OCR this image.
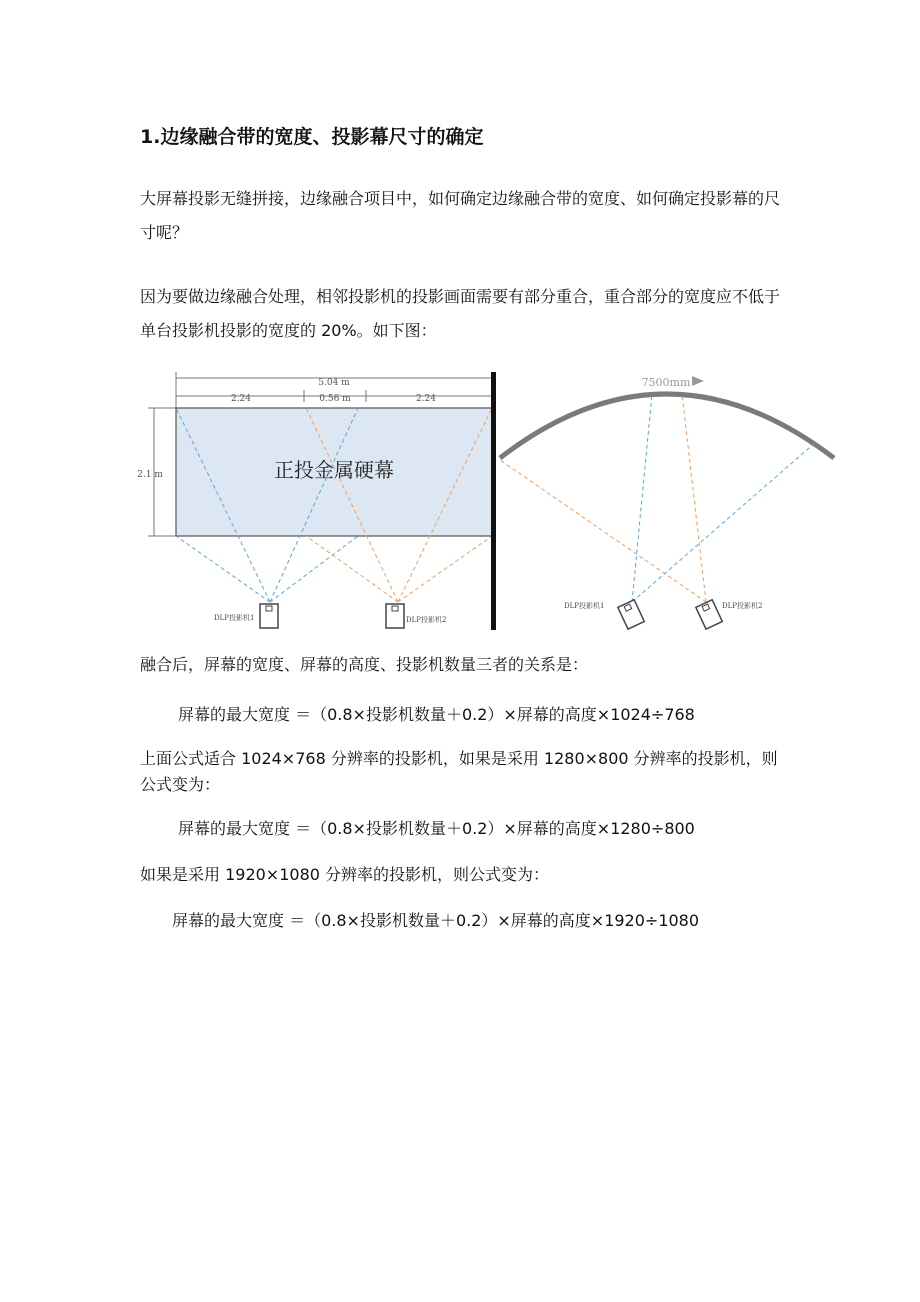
1.边缘融合带的宽度、投影幕尺寸的确定
大屏幕投影无缝拼接，边缘融合项目中，如何确定边缘融合带的宽度、如何确定投影幕的尺寸呢？
因为要做边缘融合处理，相邻投影机的投影画面需要有部分重合，重合部分的宽度应不低于单台投影机投影的宽度的 20%。如下图：
5.04 m
2.24	0.56 m	2.24
2.1 m	正投金属硬幕
DLP投影机1	DLP投影机2
7500mm
DLP投影机1	DLP投影机2
融合后，屏幕的宽度、屏幕的高度、投影机数量三者的关系是：
屏幕的最大宽度 ＝（0.8×投影机数量＋0.2）×屏幕的高度×1024÷768
上面公式适合 1024×768 分辨率的投影机，如果是采用 1280×800 分辨率的投影机，则公式变为：
屏幕的最大宽度 ＝（0.8×投影机数量＋0.2）×屏幕的高度×1280÷800
如果是采用 1920×1080 分辨率的投影机，则公式变为：
屏幕的最大宽度 ＝（0.8×投影机数量＋0.2）×屏幕的高度×1920÷1080
